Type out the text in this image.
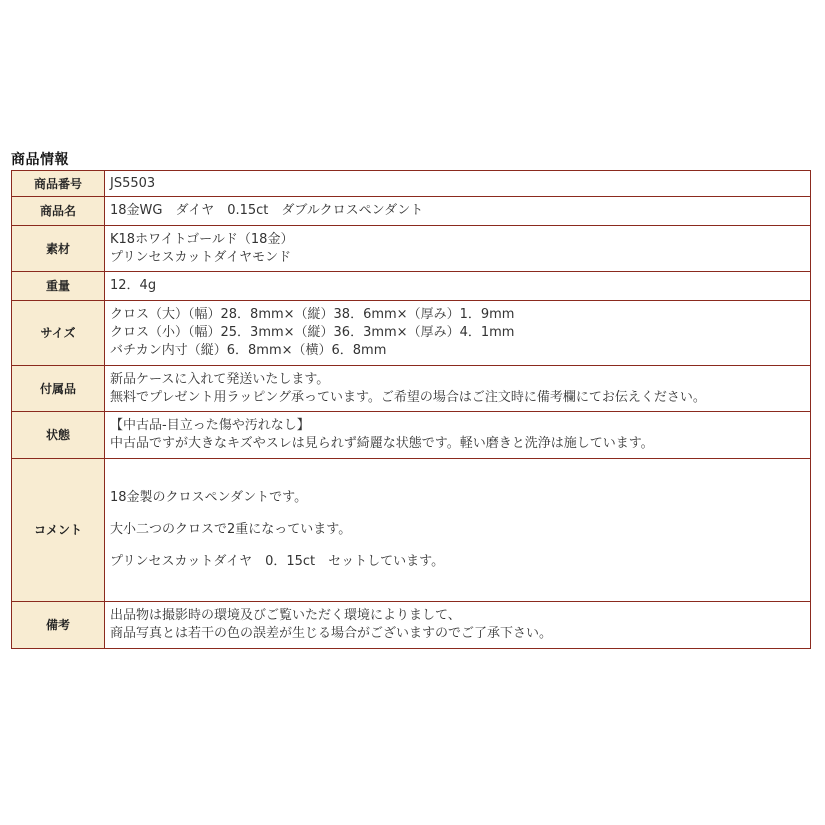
商品情報
商品番号	JS5503
商品名	18金WG　ダイヤ　0.15ct　ダブルクロスペンダント
素材	K18ホワイトゴールド（18金）
プリンセスカットダイヤモンド

重量	12．4g
サイズ	クロス（大）（幅）28．8mm×（縦）38．6mm×（厚み）1．9mm
クロス（小）（幅）25．3mm×（縦）36．3mm×（厚み）4．1mm
バチカン内寸（縦）6．8mm×（横）6．8mm

付属品	新品ケースに入れて発送いたします。
無料でプレゼント用ラッピング承っています。ご希望の場合はご注文時に備考欄にてお伝えください。

状態	【中古品-目立った傷や汚れなし】
中古品ですが大きなキズやスレは見られず綺麗な状態です。軽い磨きと洗浄は施しています。

コメント	18金製のクロスペンダントです。
大小二つのクロスで2重になっています。
プリンセスカットダイヤ　0．15ct　セットしています。

備考	出品物は撮影時の環境及びご覧いただく環境によりまして、
商品写真とは若干の色の誤差が生じる場合がございますのでご了承下さい。
